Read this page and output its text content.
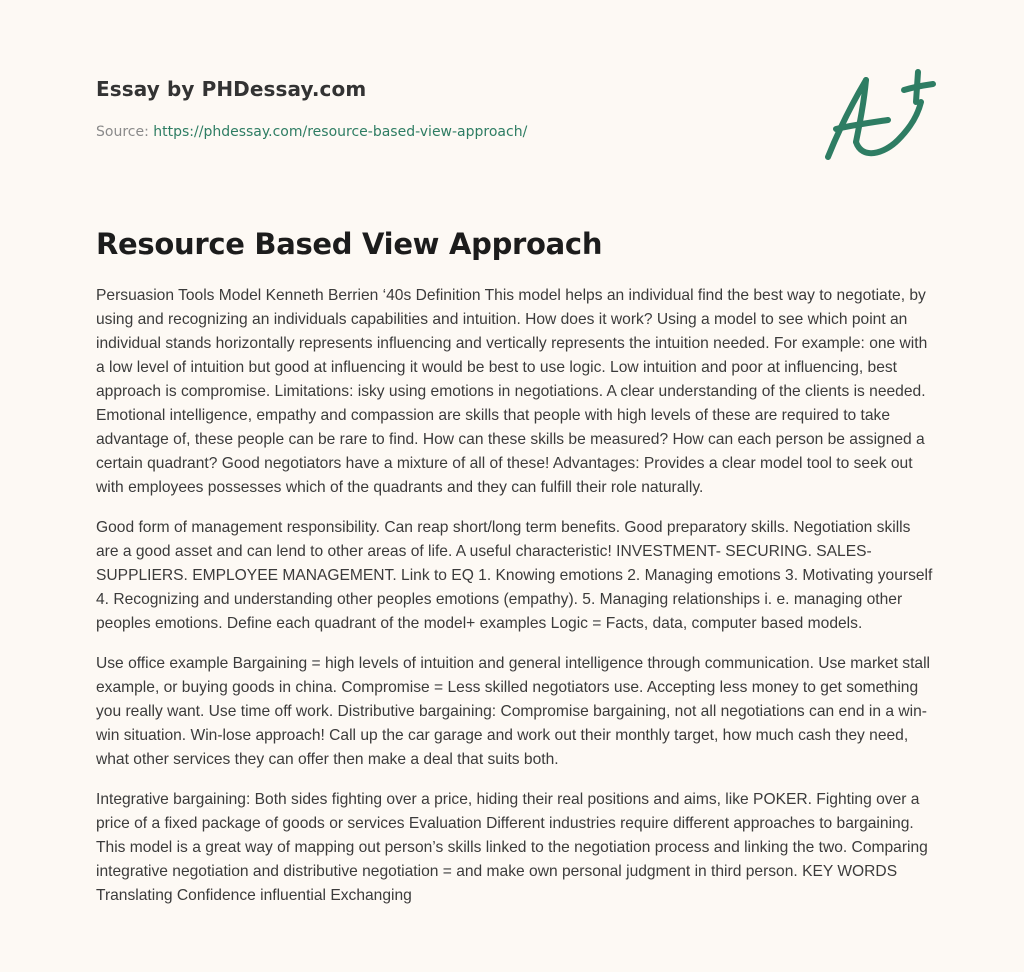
Essay by PHDessay.com
Source: https://phdessay.com/resource-based-view-approach/
Resource Based View Approach

Persuasion Tools Model Kenneth Berrien ‘40s Definition This model helps an individual find the best way to negotiate, by using and recognizing an individuals capabilities and intuition. How does it work? Using a model to see which point an individual stands horizontally represents influencing and vertically represents the intuition needed. For example: one with a low level of intuition but good at influencing it would be best to use logic. Low intuition and poor at influencing, best approach is compromise. Limitations: isky using emotions in negotiations. A clear understanding of the clients is needed. Emotional intelligence, empathy and compassion are skills that people with high levels of these are required to take advantage of, these people can be rare to find. How can these skills be measured? How can each person be assigned a certain quadrant? Good negotiators have a mixture of all of these! Advantages: Provides a clear model tool to seek out with employees possesses which of the quadrants and they can fulfill their role naturally.

Good form of management responsibility. Can reap short/long term benefits. Good preparatory skills. Negotiation skills are a good asset and can lend to other areas of life. A useful characteristic! INVESTMENT- SECURING. SALES- SUPPLIERS. EMPLOYEE MANAGEMENT. Link to EQ 1. Knowing emotions 2. Managing emotions 3. Motivating yourself 4. Recognizing and understanding other peoples emotions (empathy). 5. Managing relationships i. e. managing other peoples emotions. Define each quadrant of the model+ examples Logic = Facts, data, computer based models.

Use office example Bargaining = high levels of intuition and general intelligence through communication. Use market stall example, or buying goods in china. Compromise = Less skilled negotiators use. Accepting less money to get something you really want. Use time off work. Distributive bargaining: Compromise bargaining, not all negotiations can end in a win-win situation. Win-lose approach! Call up the car garage and work out their monthly target, how much cash they need, what other services they can offer then make a deal that suits both.

Integrative bargaining: Both sides fighting over a price, hiding their real positions and aims, like POKER. Fighting over a price of a fixed package of goods or services Evaluation Different industries require different approaches to bargaining. This model is a great way of mapping out person’s skills linked to the negotiation process and linking the two. Comparing integrative negotiation and distributive negotiation = and make own personal judgment in third person. KEY WORDS Translating Confidence influential Exchanging
